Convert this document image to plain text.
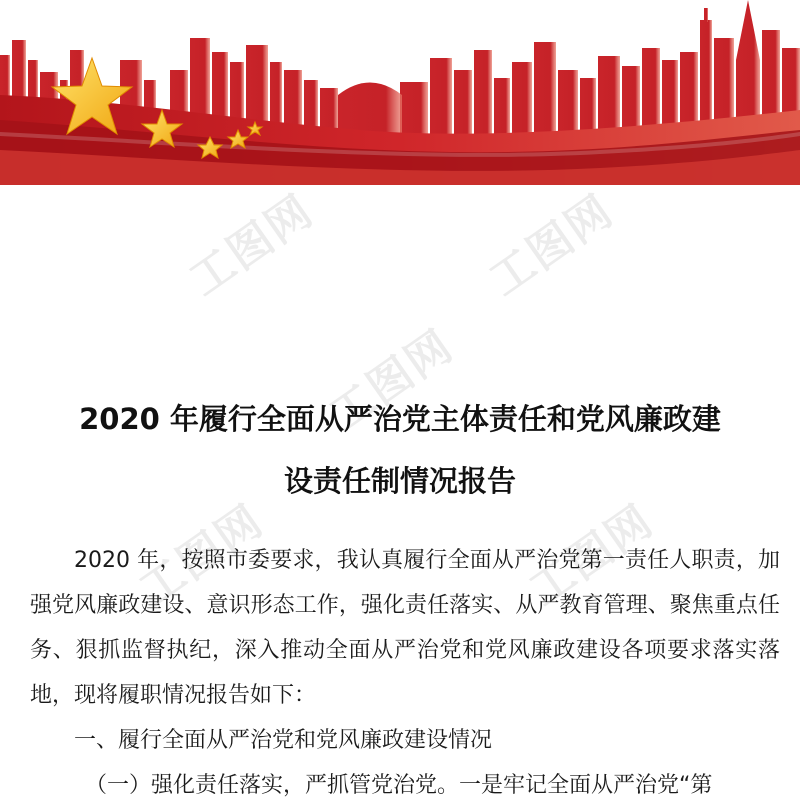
工图网	工图网
工图网
工图网	工图网
2020 年履行全面从严治党主体责任和党风廉政建
设责任制情况报告

2020 年，按照市委要求，我认真履行全面从严治党第一责任人职责，加强党风廉政建设、意识形态工作，强化责任落实、从严教育管理、聚焦重点任务、狠抓监督执纪，深入推动全面从严治党和党风廉政建设各项要求落实落地，现将履职情况报告如下：

一、履行全面从严治党和党风廉政建设情况

（一）强化责任落实，严抓管党治党。一是牢记全面从严治党“第
